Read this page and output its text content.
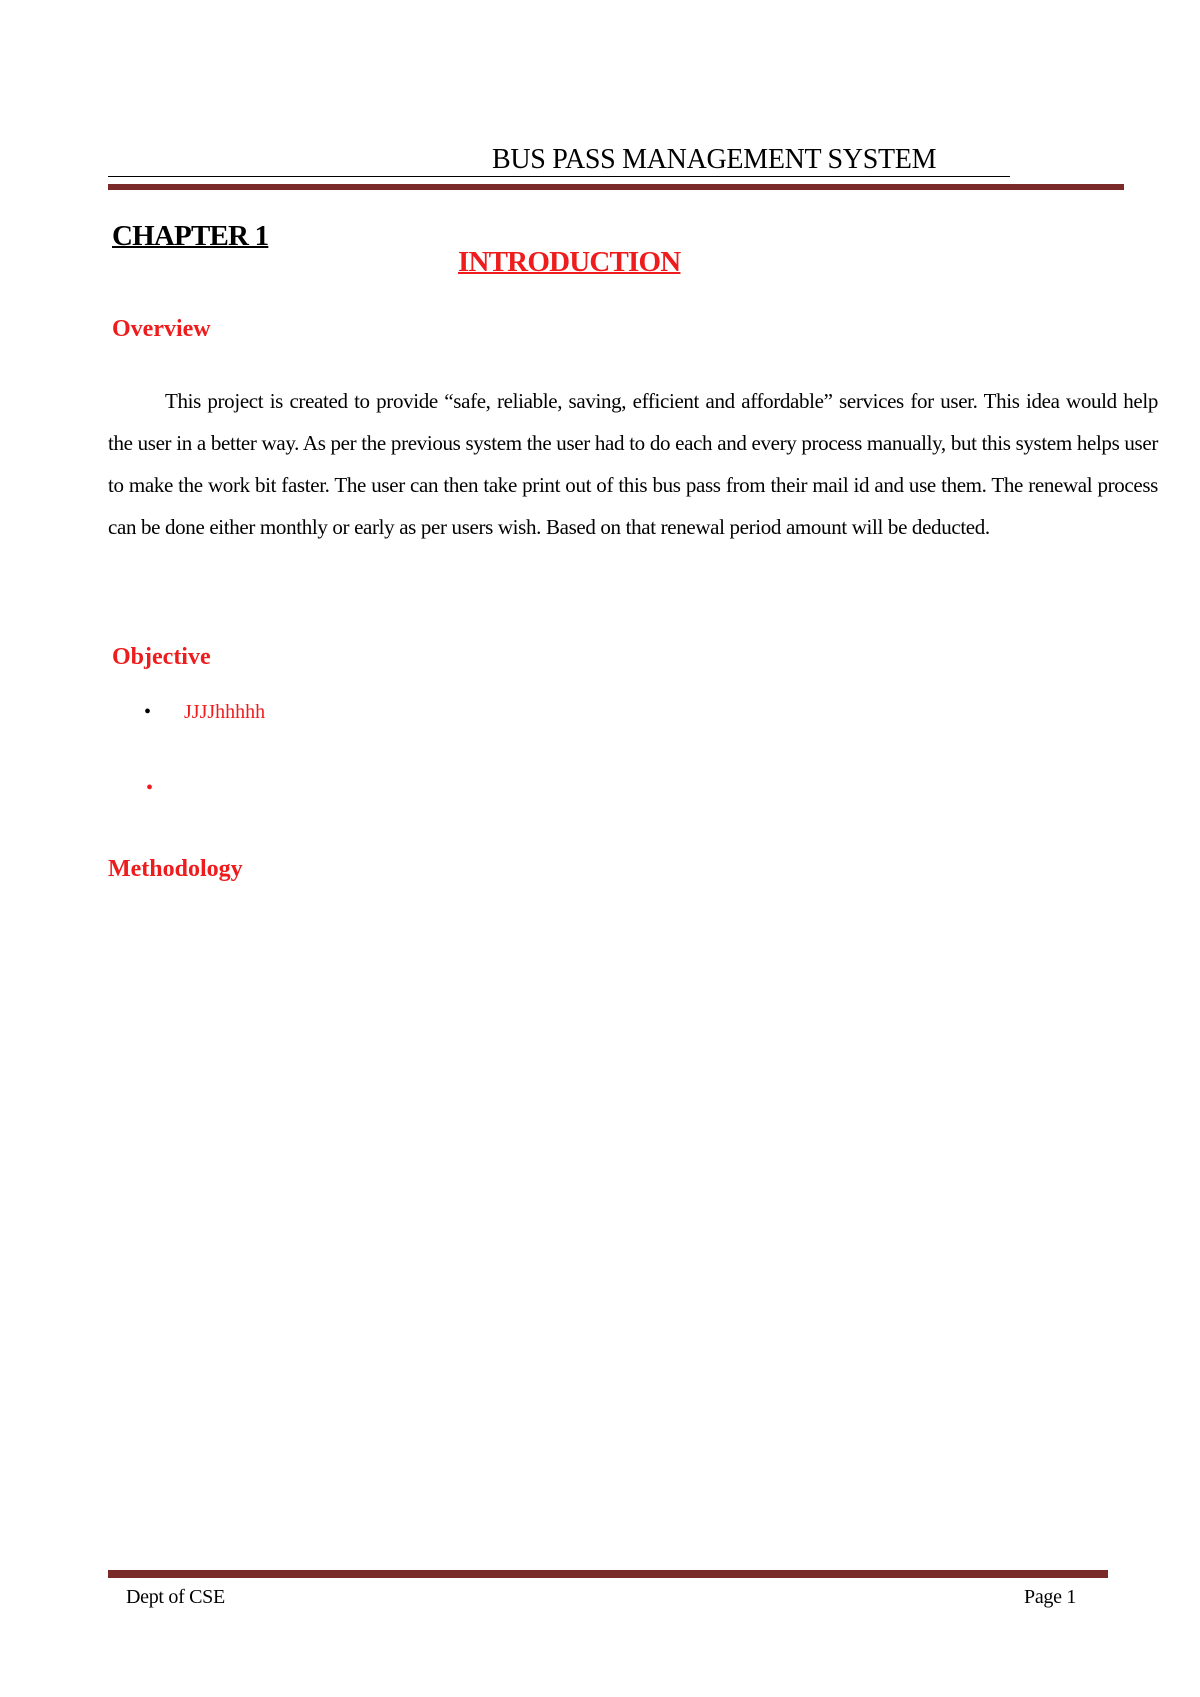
BUS PASS MANAGEMENT SYSTEM
CHAPTER 1
INTRODUCTION
Overview

This project is created to provide “safe, reliable, saving, efficient and affordable” services for user. This idea would help the user in a better way. As per the previous system the user had to do each and every process manually, but this system helps user to make the work bit faster. The user can then take print out of this bus pass from their mail id and use them. The renewal process can be done either monthly or early as per users wish. Based on that renewal period amount will be deducted.

Objective
• JJJJhhhhh
•
Methodology
Dept of CSE	Page 1
